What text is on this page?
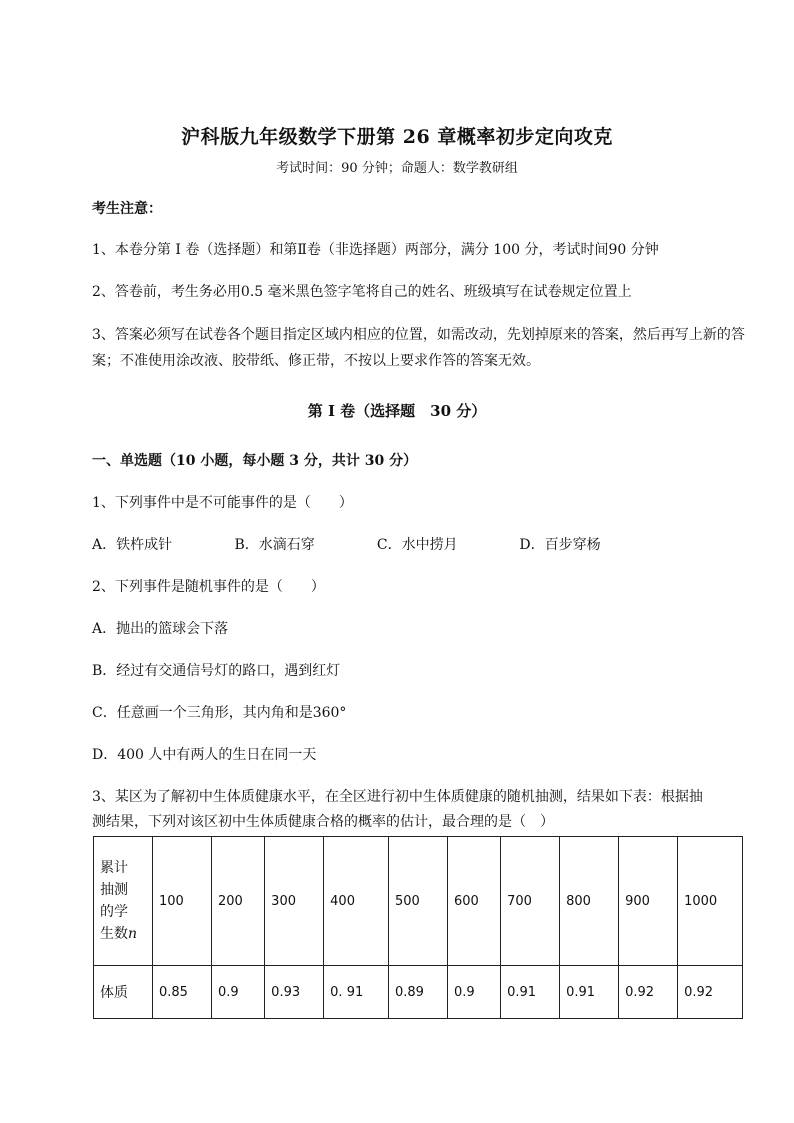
沪科版九年级数学下册第 26 章概率初步定向攻克
考试时间：90 分钟；命题人：数学教研组
考生注意：
1、本卷分第 I 卷（选择题）和第Ⅱ卷（非选择题）两部分，满分 100 分，考试时间90 分钟
2、答卷前，考生务必用0.5 毫米黑色签字笔将自己的姓名、班级填写在试卷规定位置上
3、答案必须写在试卷各个题目指定区域内相应的位置，如需改动，先划掉原来的答案，然后再写上新的答案；不准使用涂改液、胶带纸、修正带，不按以上要求作答的答案无效。
第 I 卷（选择题　30 分）
一、单选题（10 小题，每小题 3 分，共计 30 分）
1、下列事件中是不可能事件的是（　　）
A．铁杵成针	B．水滴石穿	C．水中捞月	D．百步穿杨
2、下列事件是随机事件的是（　　）
A．抛出的篮球会下落
B．经过有交通信号灯的路口，遇到红灯
C．任意画一个三角形，其内角和是360°
D．400 人中有两人的生日在同一天
3、某区为了解初中生体质健康水平，在全区进行初中生体质健康的随机抽测，结果如下表：根据抽
测结果，下列对该区初中生体质健康合格的概率的估计，最合理的是（　）
累计
抽测
的学
生数n	100	200	300	400	500	600	700	800	900	1000
体质	0.85	0.9	0.93	0. 91	0.89	0.9	0.91	0.91	0.92	0.92
